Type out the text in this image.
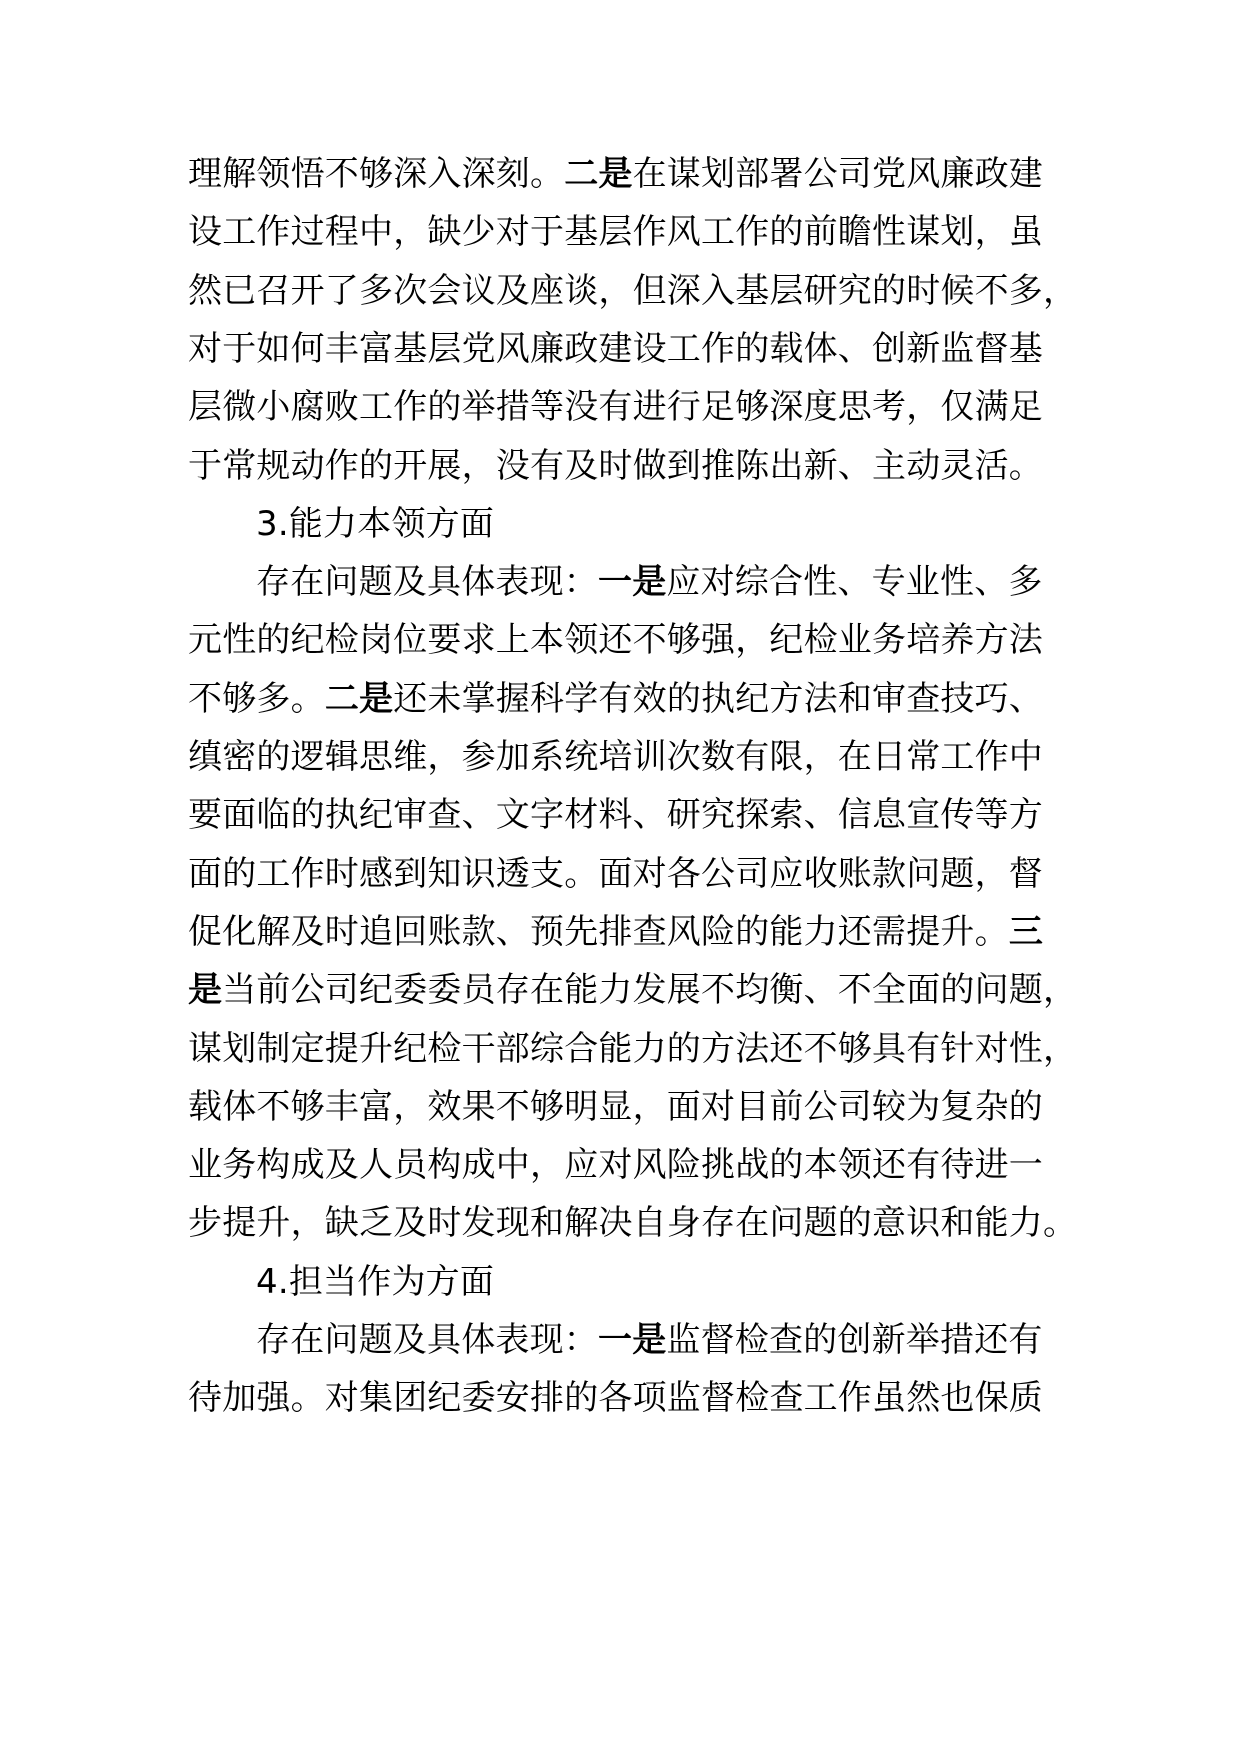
理解领悟不够深入深刻。二是在谋划部署公司党风廉政建
设工作过程中，缺少对于基层作风工作的前瞻性谋划，虽
然已召开了多次会议及座谈，但深入基层研究的时候不多，
对于如何丰富基层党风廉政建设工作的载体、创新监督基
层微小腐败工作的举措等没有进行足够深度思考，仅满足
于常规动作的开展，没有及时做到推陈出新、主动灵活。
3.能力本领方面
存在问题及具体表现：一是应对综合性、专业性、多
元性的纪检岗位要求上本领还不够强，纪检业务培养方法
不够多。二是还未掌握科学有效的执纪方法和审查技巧、
缜密的逻辑思维，参加系统培训次数有限，在日常工作中
要面临的执纪审查、文字材料、研究探索、信息宣传等方
面的工作时感到知识透支。面对各公司应收账款问题，督
促化解及时追回账款、预先排查风险的能力还需提升。三
是当前公司纪委委员存在能力发展不均衡、不全面的问题，
谋划制定提升纪检干部综合能力的方法还不够具有针对性，
载体不够丰富，效果不够明显，面对目前公司较为复杂的
业务构成及人员构成中，应对风险挑战的本领还有待进一
步提升，缺乏及时发现和解决自身存在问题的意识和能力。
4.担当作为方面
存在问题及具体表现：一是监督检查的创新举措还有
待加强。对集团纪委安排的各项监督检查工作虽然也保质
